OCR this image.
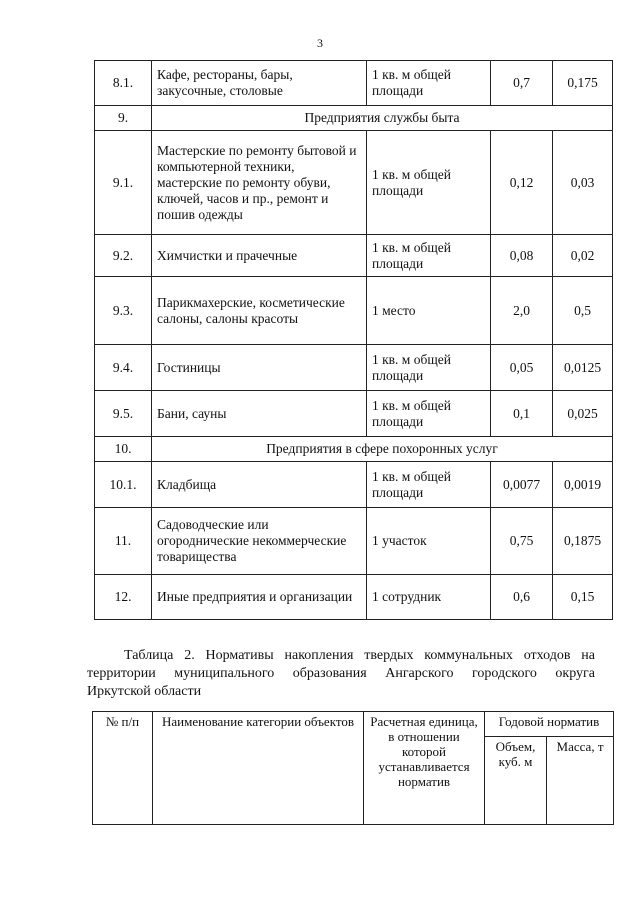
3
8.1.	Кафе, рестораны, бары, закусочные, столовые	1 кв. м общей площади	0,7	0,175
9.	Предприятия службы быта			
9.1.	Мастерские по ремонту бытовой и компьютерной техники, мастерские по ремонту обуви, ключей, часов и пр., ремонт и пошив одежды	1 кв. м общей площади	0,12	0,03
9.2.	Химчистки и прачечные	1 кв. м общей площади	0,08	0,02
9.3.	Парикмахерские, косметические салоны, салоны красоты	1 место	2,0	0,5
9.4.	Гостиницы	1 кв. м общей площади	0,05	0,0125
9.5.	Бани, сауны	1 кв. м общей площади	0,1	0,025
10.	Предприятия в сфере похоронных услуг			
10.1.	Кладбища	1 кв. м общей площади	0,0077	0,0019
11.	Садоводческие или огороднические некоммерческие товарищества	1 участок	0,75	0,1875
12.	Иные предприятия и организации	1 сотрудник	0,6	0,15
Таблица 2. Нормативы накопления твердых коммунальных отходов на
территории муниципального образования Ангарского городского округа
Иркутской области
№ п/п	Наименование категории объектов	Расчетная единица, в отношении которой устанавливается норматив	Годовой норматив	
			Объем, куб. м	Масса, т
